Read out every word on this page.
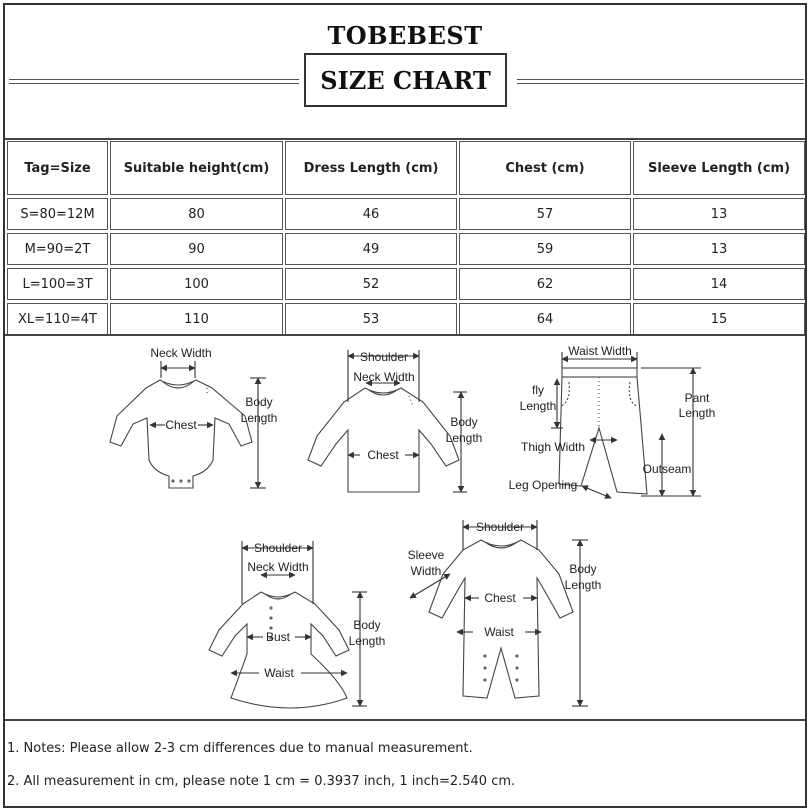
TOBEBEST
SIZE CHART
Tag=Size	Suitable height(cm)	Dress Length (cm)	Chest (cm)	Sleeve Length (cm)
S=80=12M	80	46	57	13
M=90=2T	90	49	59	13
L=100=3T	100	52	62	14
XL=110=4T	110	53	64	15
Neck Width
Chest
Body
Length
Shoulder
Neck Width
Chest
Body
Length
Waist Width
fly
Length
Pant
Length
Thigh Width
Outseam
Leg Opening
Shoulder
Neck Width
Bust
Waist
Body
Length
Shoulder
Sleeve
Width
Chest
Waist
Body
Length
1. Notes: Please allow 2-3 cm differences due to manual measurement.
2. All measurement in cm, please note 1 cm = 0.3937 inch, 1 inch=2.540 cm.
